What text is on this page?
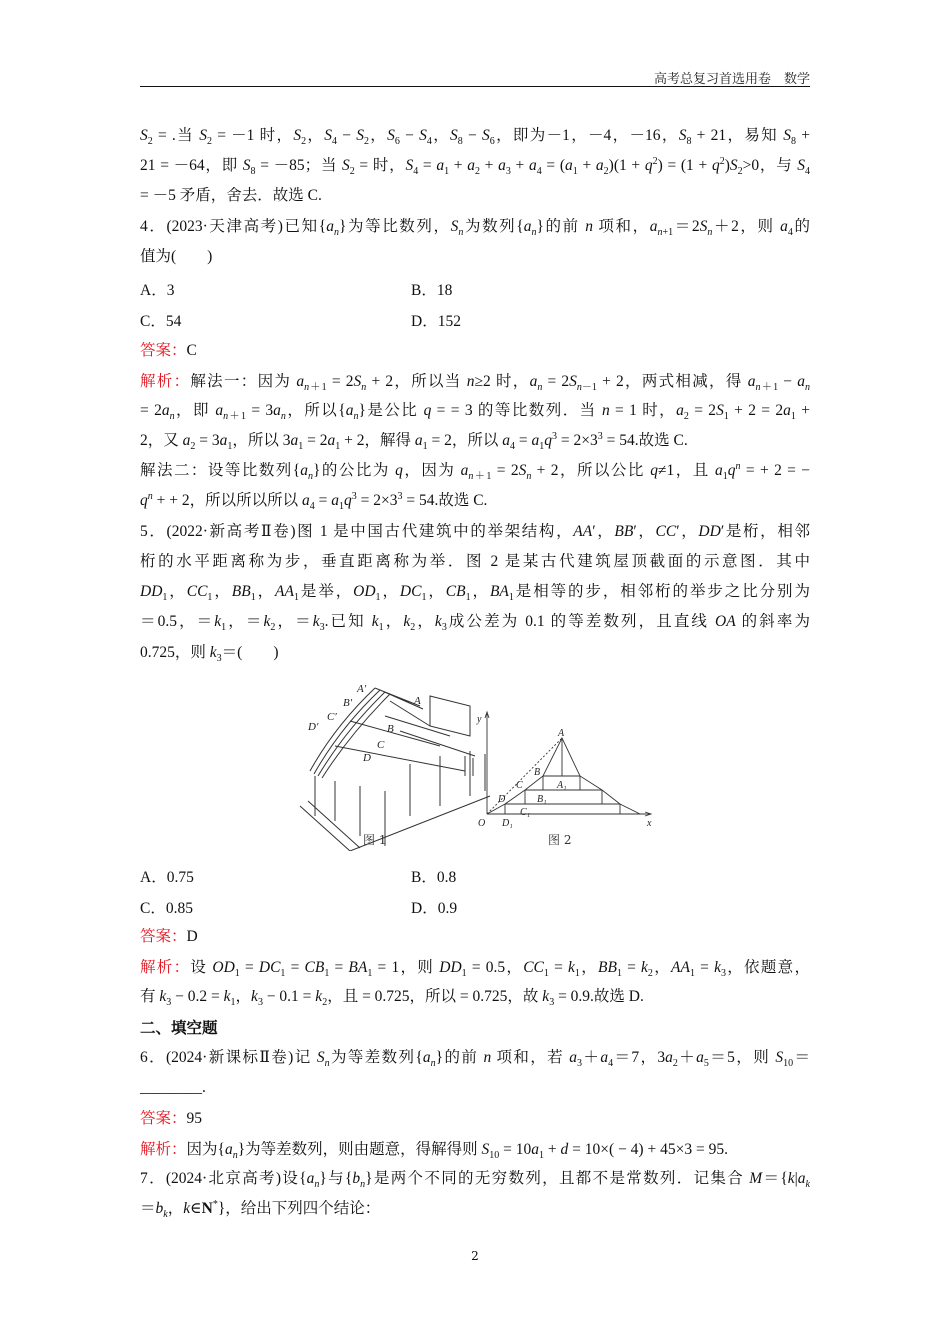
高考总复习首选用卷　数学
$S_2$ = .当 $S_2 = -1$ 时，$S_2$，$S_4 - S_2$，$S_6 - S_4$，$S_8 - S_6$，即为－1，－4，－16，$S_8 + 21$，易知 $S_8$ +
21 = －64，即 $S_8 = -85$；当 $S_2$ = 时，$S_4 = a_1 + a_2 + a_3 + a_4 = (a_1 + a_2)(1 + q^2) = (1 + q^2)S_2>0$，与 $S_4$
= －5 矛盾，舍去．故选 C.
4．(2023·天津高考)已知$\{a_n\}$为等比数列，$S_n$为数列$\{a_n\}$的前 n 项和，$a_{n+1}=2S_n+2$，则 $a_4$的
值为(　　)
A．3	B．18
C．54	D．152
答案：C
解析：解法一：因为 $a_{n+1} = 2S_n + 2$，所以当 n≥2 时，$a_n = 2S_{n-1} + 2$，两式相减，得 $a_{n+1} - a_n$
= $2a_n$，即 $a_{n+1} = 3a_n$，所以$\{a_n\}$是公比 q = = 3 的等比数列．当 n = 1 时，$a_2 = 2S_1 + 2 = 2a_1$ +
2，又 $a_2 = 3a_1$，所以 $3a_1 = 2a_1 + 2$，解得 $a_1 = 2$，所以 $a_4 = a_1q^3 = 2\times 3^3 = 54$.故选 C.
解法二：设等比数列$\{a_n\}$的公比为 q，因为 $a_{n+1} = 2S_n + 2$，所以公比 q≠1，且 $a_1q^n$ = + 2 = −
$q^n$ + + 2，所以所以所以 $a_4 = a_1q^3 = 2\times 3^3 = 54$.故选 C.
5．(2022·新高考Ⅱ卷)图 1 是中国古代建筑中的举架结构，AA′，BB′，CC′，DD′是桁，相邻
桁的水平距离称为步，垂直距离称为举．图 2 是某古代建筑屋顶截面的示意图．其中
$DD_1$，$CC_1$，$BB_1$，$AA_1$是举，$OD_1$，$DC_1$，$CB_1$，$BA_1$是相等的步，相邻桁的举步之比分别为
＝0.5，$=k_1$，$=k_2$，$=k_3$.已知 $k_1$，$k_2$，$k_3$成公差为 0.1 的等差数列，且直线 OA 的斜率为
0.725，则 $k_3=$(　　)
A′
B′
C′
D′
A
B
C
D
y
x
O
A
B
C
D
A₁
B₁
C₁
D₁
图 1	图 2
A．0.75	B．0.8
C．0.85	D．0.9
答案：D
解析：设 $OD_1 = DC_1 = CB_1 = BA_1 = 1$，则 $DD_1 = 0.5$，$CC_1 = k_1$，$BB_1 = k_2$，$AA_1 = k_3$，依题意，
有 $k_3 - 0.2 = k_1$，$k_3 - 0.1 = k_2$，且 = 0.725，所以 = 0.725，故 $k_3 = 0.9$.故选 D.
二、填空题
6．(2024·新课标Ⅱ卷)记 $S_n$为等差数列$\{a_n\}$的前 n 项和，若 $a_3+a_4=7$，$3a_2+a_5=5$，则 $S_{10}=$
________.
答案：95
解析：因为$\{a_n\}$为等差数列，则由题意，得解得则 $S_{10} = 10a_1 + d = 10\times( - 4) + 45\times 3 = 95$.
7．(2024·北京高考)设$\{a_n\}$与$\{b_n\}$是两个不同的无穷数列，且都不是常数列．记集合 $M=\{k|a_k$
$=b_k$，k∈N*}，给出下列四个结论：
2
